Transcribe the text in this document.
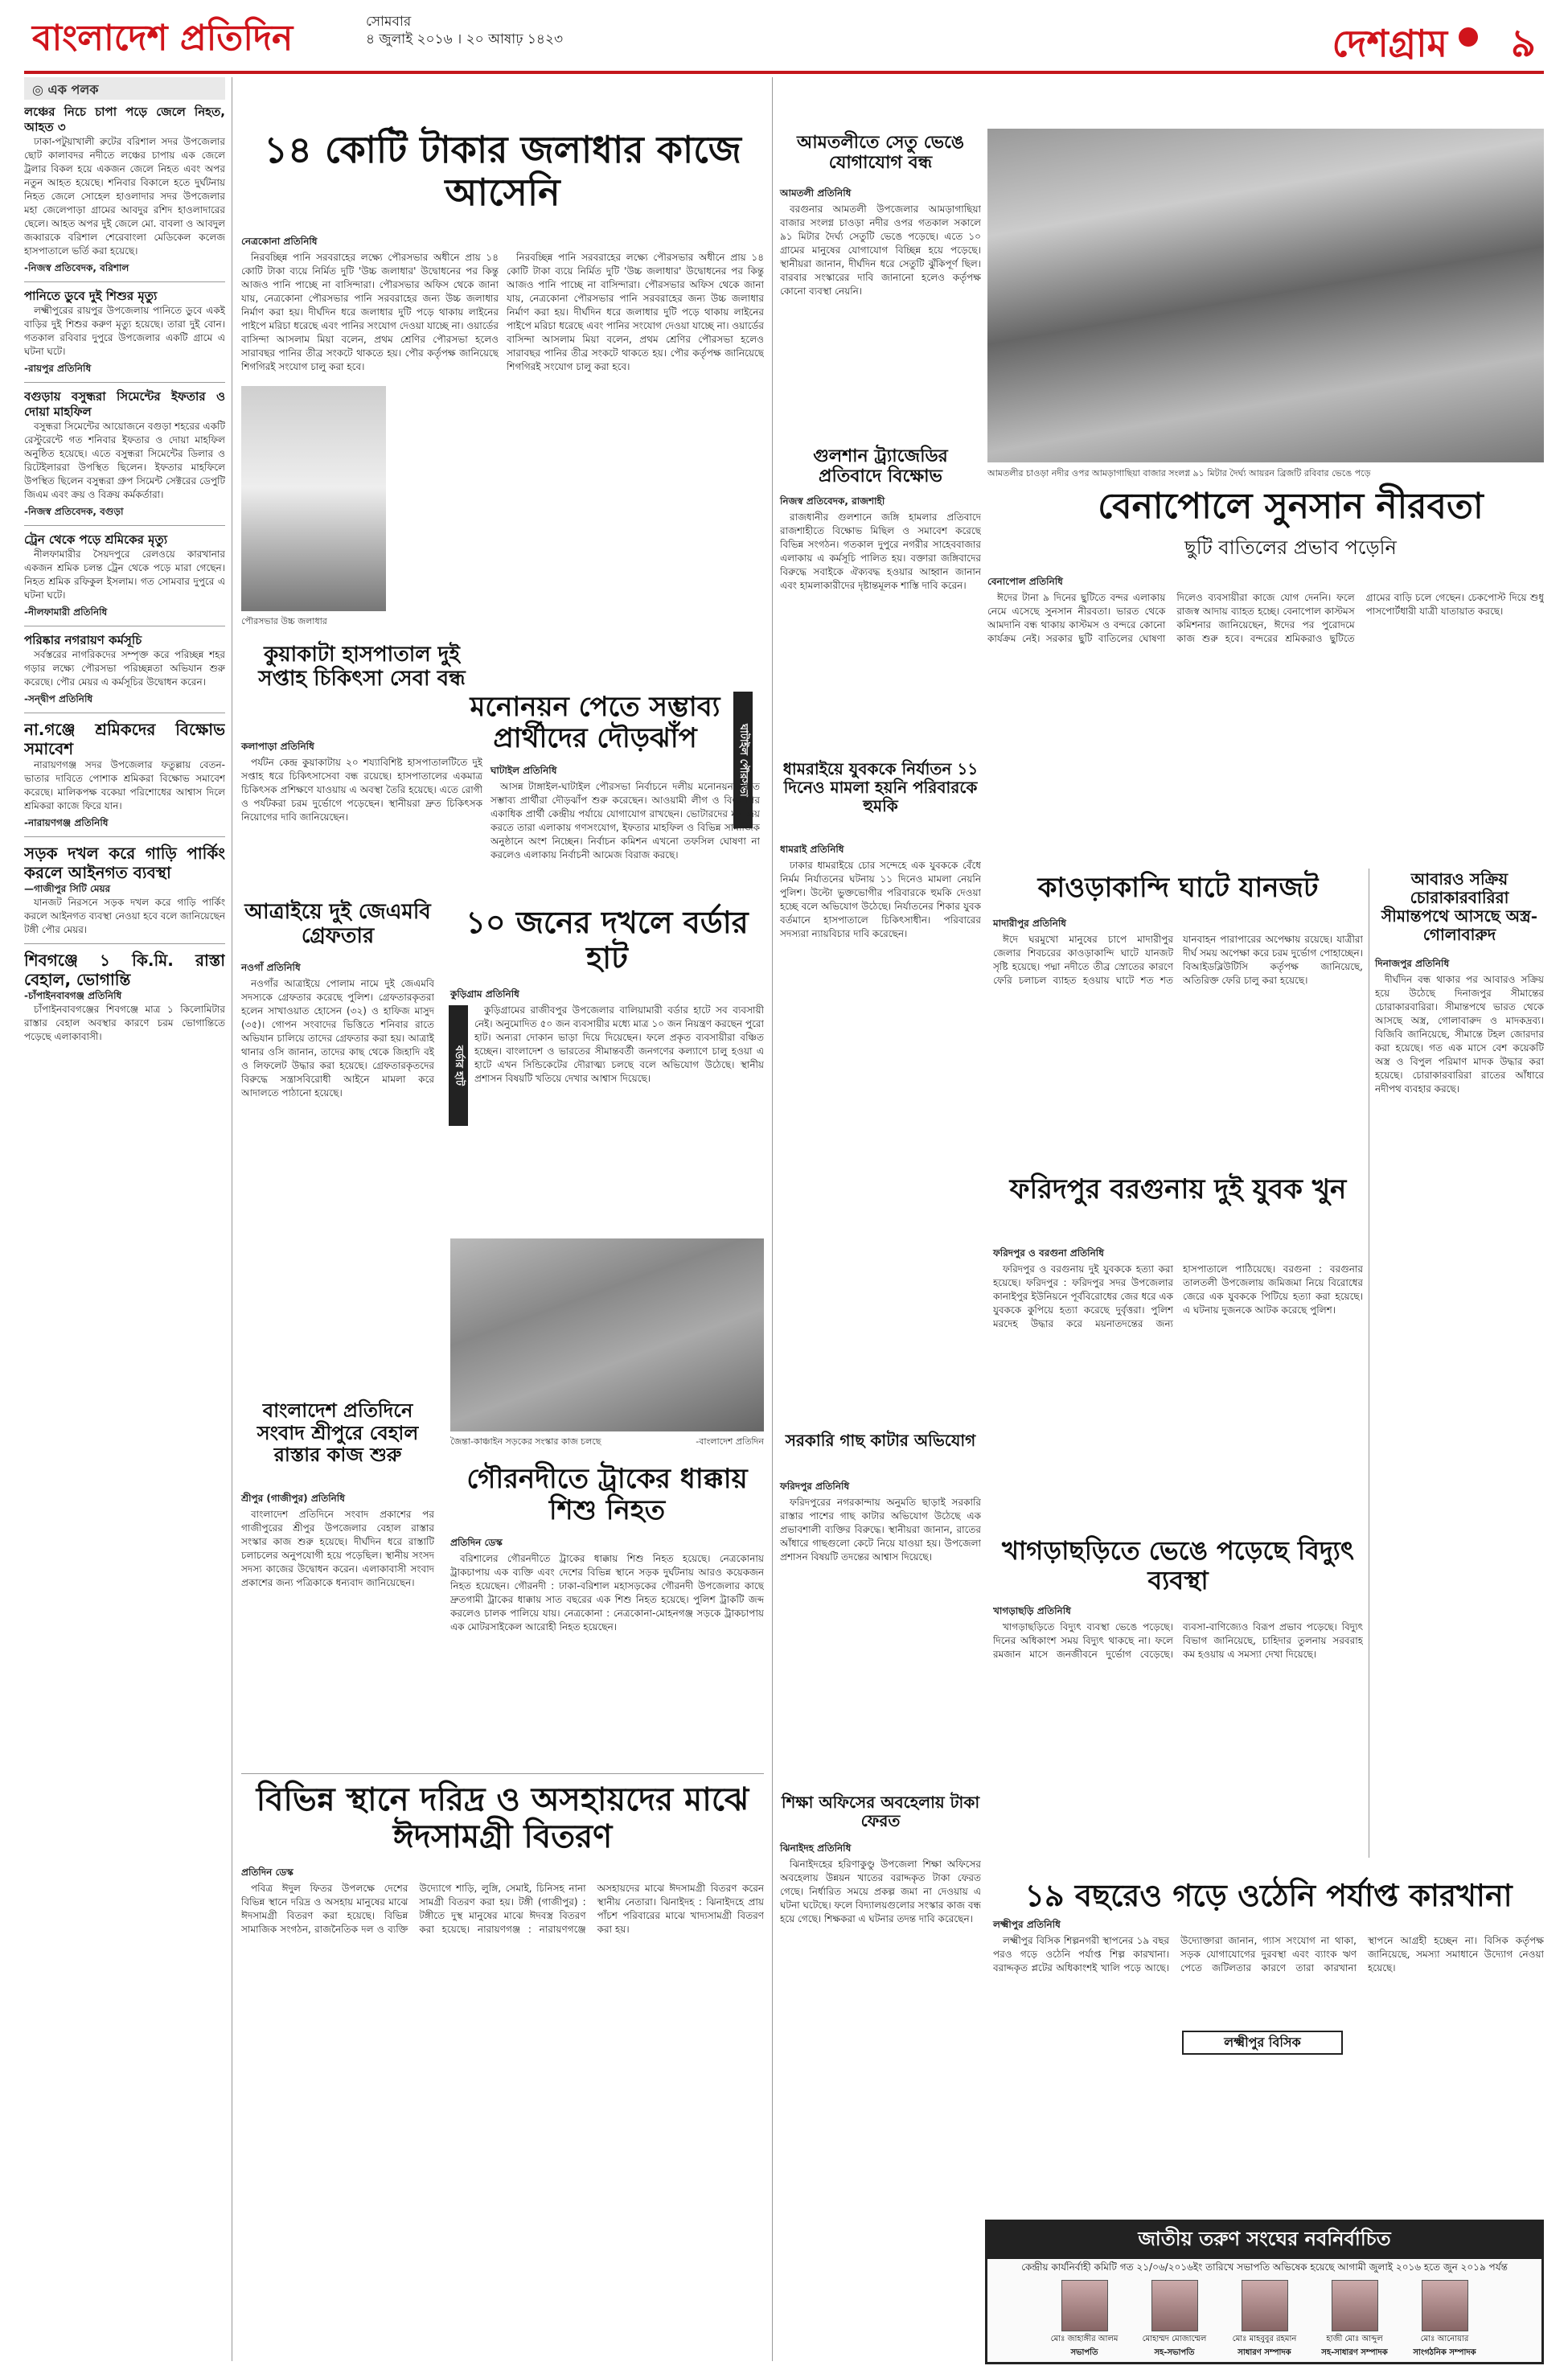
বাংলাদেশ প্রতিদিন	সোমবার
৪ জুলাই ২০১৬ । ২০ আষাঢ় ১৪২৩	দেশগ্রাম ৯
◎ এক পলক
লঞ্চের নিচে চাপা পড়ে জেলে নিহত, আহত ৩

ঢাকা-পটুয়াখালী রুটের বরিশাল সদর উপজেলার ছোট কালাবদর নদীতে লঞ্চের চাপায় এক জেলে ট্রলার বিকল হয়ে একজন জেলে নিহত এবং অপর নতুন আহত হয়েছে। শনিবার বিকালে হতে দুর্ঘটনায় নিহত জেলে সোহেল হাওলাদার সদর উপজেলার মহা জেলেপাড়া গ্রামের আবদুর রশিদ হাওলাদারের ছেলে। আহত অপর দুই জেলে মো. বাবলা ও আবদুল জব্বারকে বরিশাল শেরেবাংলা মেডিকেল কলেজ হাসপাতালে ভর্তি করা হয়েছে।

-নিজস্ব প্রতিবেদক, বরিশাল
পানিতে ডুবে দুই শিশুর মৃত্যু

লক্ষ্মীপুরের রায়পুর উপজেলায় পানিতে ডুবে একই বাড়ির দুই শিশুর করুণ মৃত্যু হয়েছে। তারা দুই বোন। গতকাল রবিবার দুপুরে উপজেলার একটি গ্রামে এ ঘটনা ঘটে।

-রায়পুর প্রতিনিধি
বগুড়ায় বসুন্ধরা সিমেন্টের ইফতার ও দোয়া মাহফিল

বসুন্ধরা সিমেন্টের আয়োজনে বগুড়া শহরের একটি রেস্টুরেন্টে গত শনিবার ইফতার ও দোয়া মাহফিল অনুষ্ঠিত হয়েছে। এতে বসুন্ধরা সিমেন্টের ডিলার ও রিটেইলাররা উপস্থিত ছিলেন। ইফতার মাহফিলে উপস্থিত ছিলেন বসুন্ধরা গ্রুপ সিমেন্ট সেক্টরের ডেপুটি জিএম এবং ক্রয় ও বিক্রয় কর্মকর্তারা।

-নিজস্ব প্রতিবেদক, বগুড়া
ট্রেন থেকে পড়ে শ্রমিকের মৃত্যু

নীলফামারীর সৈয়দপুরে রেলওয়ে কারখানার একজন শ্রমিক চলন্ত ট্রেন থেকে পড়ে মারা গেছেন। নিহত শ্রমিক রফিকুল ইসলাম। গত সোমবার দুপুরে এ ঘটনা ঘটে।

-নীলফামারী প্রতিনিধি
পরিষ্কার নগরায়ণ কর্মসূচি

সর্বস্তরের নাগরিকদের সম্পৃক্ত করে পরিচ্ছন্ন শহর গড়ার লক্ষ্যে পৌরসভা পরিচ্ছন্নতা অভিযান শুরু করেছে। পৌর মেয়র এ কর্মসূচির উদ্বোধন করেন।

-সন্দ্বীপ প্রতিনিধি
না.গঞ্জে শ্রমিকদের বিক্ষোভ সমাবেশ

নারায়ণগঞ্জ সদর উপজেলার ফতুল্লায় বেতন-ভাতার দাবিতে পোশাক শ্রমিকরা বিক্ষোভ সমাবেশ করেছে। মালিকপক্ষ বকেয়া পরিশোধের আশ্বাস দিলে শ্রমিকরা কাজে ফিরে যান।

-নারায়ণগঞ্জ প্রতিনিধি
সড়ক দখল করে গাড়ি পার্কিং করলে আইনগত ব্যবস্থা
—গাজীপুর সিটি মেয়র

যানজট নিরসনে সড়ক দখল করে গাড়ি পার্কিং করলে আইনগত ব্যবস্থা নেওয়া হবে বলে জানিয়েছেন টঙ্গী পৌর মেয়র।

শিবগঞ্জে ১ কি.মি. রাস্তা বেহাল, ভোগান্তি
-চাঁপাইনবাবগঞ্জ প্রতিনিধি

চাঁপাইনবাবগঞ্জের শিবগঞ্জে মাত্র ১ কিলোমিটার রাস্তার বেহাল অবস্থার কারণে চরম ভোগান্তিতে পড়েছে এলাকাবাসী।

১৪ কোটি টাকার জলাধার কাজে আসেনি
নেত্রকোনা প্রতিনিধি

নিরবচ্ছিন্ন পানি সরবরাহের লক্ষ্যে পৌরসভার অধীনে প্রায় ১৪ কোটি টাকা ব্যয়ে নির্মিত দুটি 'উচ্চ জলাধার' উদ্বোধনের পর কিন্তু আজও পানি পাচ্ছে না বাসিন্দারা। পৌরসভার অফিস থেকে জানা যায়, নেত্রকোনা পৌরসভার পানি সরবরাহের জন্য উচ্চ জলাধার নির্মাণ করা হয়। দীর্ঘদিন ধরে জলাধার দুটি পড়ে থাকায় লাইনের পাইপে মরিচা ধরেছে এবং পানির সংযোগ দেওয়া যাচ্ছে না। ওয়ার্ডের বাসিন্দা আসলাম মিয়া বলেন, প্রথম শ্রেণির পৌরসভা হলেও সারাবছর পানির তীব্র সংকটে থাকতে হয়। পৌর কর্তৃপক্ষ জানিয়েছে শিগগিরই সংযোগ চালু করা হবে।

পৌরসভার উচ্চ জলাধার

নিরবচ্ছিন্ন পানি সরবরাহের লক্ষ্যে পৌরসভার অধীনে প্রায় ১৪ কোটি টাকা ব্যয়ে নির্মিত দুটি 'উচ্চ জলাধার' উদ্বোধনের পর কিন্তু আজও পানি পাচ্ছে না বাসিন্দারা। পৌরসভার অফিস থেকে জানা যায়, নেত্রকোনা পৌরসভার পানি সরবরাহের জন্য উচ্চ জলাধার নির্মাণ করা হয়। দীর্ঘদিন ধরে জলাধার দুটি পড়ে থাকায় লাইনের পাইপে মরিচা ধরেছে এবং পানির সংযোগ দেওয়া যাচ্ছে না। ওয়ার্ডের বাসিন্দা আসলাম মিয়া বলেন, প্রথম শ্রেণির পৌরসভা হলেও সারাবছর পানির তীব্র সংকটে থাকতে হয়। পৌর কর্তৃপক্ষ জানিয়েছে শিগগিরই সংযোগ চালু করা হবে।

কুয়াকাটা হাসপাতাল দুই সপ্তাহ চিকিৎসা সেবা বন্ধ
কলাপাড়া প্রতিনিধি

পর্যটন কেন্দ্র কুয়াকাটায় ২০ শয্যাবিশিষ্ট হাসপাতালটিতে দুই সপ্তাহ ধরে চিকিৎসাসেবা বন্ধ রয়েছে। হাসপাতালের একমাত্র চিকিৎসক প্রশিক্ষণে যাওয়ায় এ অবস্থা তৈরি হয়েছে। এতে রোগী ও পর্যটকরা চরম দুর্ভোগে পড়েছেন। স্থানীয়রা দ্রুত চিকিৎসক নিয়োগের দাবি জানিয়েছেন।

মনোনয়ন পেতে সম্ভাব্য প্রার্থীদের দৌড়ঝাঁপ	ঘাটাইল পৌরসভা
ঘাটাইল প্রতিনিধি

আসন্ন টাঙ্গাইল-ঘাটাইল পৌরসভা নির্বাচনে দলীয় মনোনয়ন পেতে সম্ভাব্য প্রার্থীরা দৌড়ঝাঁপ শুরু করেছেন। আওয়ামী লীগ ও বিএনপির একাধিক প্রার্থী কেন্দ্রীয় পর্যায়ে যোগাযোগ রাখছেন। ভোটারদের মন জয় করতে তারা এলাকায় গণসংযোগ, ইফতার মাহফিল ও বিভিন্ন সামাজিক অনুষ্ঠানে অংশ নিচ্ছেন। নির্বাচন কমিশন এখনো তফসিল ঘোষণা না করলেও এলাকায় নির্বাচনী আমেজ বিরাজ করছে।

আত্রাইয়ে দুই জেএমবি গ্রেফতার
নওগাঁ প্রতিনিধি

নওগাঁর আত্রাইয়ে পোলাম নামে দুই জেএমবি সদস্যকে গ্রেফতার করেছে পুলিশ। গ্রেফতারকৃতরা হলেন সাখাওয়াত হোসেন (৩২) ও হাফিজ মাসুদ (৩৫)। গোপন সংবাদের ভিত্তিতে শনিবার রাতে অভিযান চালিয়ে তাদের গ্রেফতার করা হয়। আত্রাই থানার ওসি জানান, তাদের কাছ থেকে জিহাদি বই ও লিফলেট উদ্ধার করা হয়েছে। গ্রেফতারকৃতদের বিরুদ্ধে সন্ত্রাসবিরোধী আইনে মামলা করে আদালতে পাঠানো হয়েছে।

১০ জনের দখলে বর্ডার হাট
কুড়িগ্রাম প্রতিনিধি
বর্ডার হাট

কুড়িগ্রামের রাজীবপুর উপজেলার বালিয়ামারী বর্ডার হাটে সব ব্যবসায়ী নেই। অনুমোদিত ৫০ জন ব্যবসায়ীর মধ্যে মাত্র ১০ জন নিয়ন্ত্রণ করছেন পুরো হাট। অন্যরা দোকান ভাড়া দিয়ে দিয়েছেন। ফলে প্রকৃত ব্যবসায়ীরা বঞ্চিত হচ্ছেন। বাংলাদেশ ও ভারতের সীমান্তবর্তী জনগণের কল্যাণে চালু হওয়া এ হাটে এখন সিন্ডিকেটের দৌরাত্ম্য চলছে বলে অভিযোগ উঠেছে। স্থানীয় প্রশাসন বিষয়টি খতিয়ে দেখার আশ্বাস দিয়েছে।

জৈন্তা-কাঞ্চাইন সড়কের সংস্কার কাজ চলছে	-বাংলাদেশ প্রতিদিন
বাংলাদেশ প্রতিদিনে সংবাদ শ্রীপুরে বেহাল রাস্তার কাজ শুরু
শ্রীপুর (গাজীপুর) প্রতিনিধি

বাংলাদেশ প্রতিদিনে সংবাদ প্রকাশের পর গাজীপুরের শ্রীপুর উপজেলার বেহাল রাস্তার সংস্কার কাজ শুরু হয়েছে। দীর্ঘদিন ধরে রাস্তাটি চলাচলের অনুপযোগী হয়ে পড়েছিল। স্থানীয় সংসদ সদস্য কাজের উদ্বোধন করেন। এলাকাবাসী সংবাদ প্রকাশের জন্য পত্রিকাকে ধন্যবাদ জানিয়েছেন।

গৌরনদীতে ট্রাকের ধাক্কায় শিশু নিহত
প্রতিদিন ডেস্ক

বরিশালের গৌরনদীতে ট্রাকের ধাক্কায় শিশু নিহত হয়েছে। নেত্রকোনায় ট্রাকচাপায় এক ব্যক্তি এবং দেশের বিভিন্ন স্থানে সড়ক দুর্ঘটনায় আরও কয়েকজন নিহত হয়েছেন। গৌরনদী : ঢাকা-বরিশাল মহাসড়কের গৌরনদী উপজেলার কাছে দ্রুতগামী ট্রাকের ধাক্কায় সাত বছরের এক শিশু নিহত হয়েছে। পুলিশ ট্রাকটি জব্দ করলেও চালক পালিয়ে যায়। নেত্রকোনা : নেত্রকোনা-মোহনগঞ্জ সড়কে ট্রাকচাপায় এক মোটরসাইকেল আরোহী নিহত হয়েছেন।

বিভিন্ন স্থানে দরিদ্র ও অসহায়দের মাঝে ঈদসামগ্রী বিতরণ
প্রতিদিন ডেস্ক

পবিত্র ঈদুল ফিতর উপলক্ষে দেশের বিভিন্ন স্থানে দরিদ্র ও অসহায় মানুষের মাঝে ঈদসামগ্রী বিতরণ করা হয়েছে। বিভিন্ন সামাজিক সংগঠন, রাজনৈতিক দল ও ব্যক্তি উদ্যোগে শাড়ি, লুঙ্গি, সেমাই, চিনিসহ নানা সামগ্রী বিতরণ করা হয়। টঙ্গী (গাজীপুর) : টঙ্গীতে দুস্থ মানুষের মাঝে ঈদবস্ত্র বিতরণ করা হয়েছে। নারায়ণগঞ্জ : নারায়ণগঞ্জে অসহায়দের মাঝে ঈদসামগ্রী বিতরণ করেন স্থানীয় নেতারা। ঝিনাইদহ : ঝিনাইদহে প্রায় পাঁচশ পরিবারের মাঝে খাদ্যসামগ্রী বিতরণ করা হয়।

আমতলীতে সেতু ভেঙে যোগাযোগ বন্ধ
আমতলী প্রতিনিধি

বরগুনার আমতলী উপজেলার আমড়াগাছিয়া বাজার সংলগ্ন চাওড়া নদীর ওপর গতকাল সকালে ৯১ মিটার দৈর্ঘ্য সেতুটি ভেঙে পড়েছে। এতে ১০ গ্রামের মানুষের যোগাযোগ বিচ্ছিন্ন হয়ে পড়েছে। স্থানীয়রা জানান, দীর্ঘদিন ধরে সেতুটি ঝুঁকিপূর্ণ ছিল। বারবার সংস্কারের দাবি জানানো হলেও কর্তৃপক্ষ কোনো ব্যবস্থা নেয়নি।

আমতলীর চাওড়া নদীর ওপর আমড়াগাছিয়া বাজার সংলগ্ন ৯১ মিটার দৈর্ঘ্য আয়রন ব্রিজটি রবিবার ভেঙে পড়ে
গুলশান ট্র্যাজেডির প্রতিবাদে বিক্ষোভ
নিজস্ব প্রতিবেদক, রাজশাহী

রাজধানীর গুলশানে জঙ্গি হামলার প্রতিবাদে রাজশাহীতে বিক্ষোভ মিছিল ও সমাবেশ করেছে বিভিন্ন সংগঠন। গতকাল দুপুরে নগরীর সাহেববাজার এলাকায় এ কর্মসূচি পালিত হয়। বক্তারা জঙ্গিবাদের বিরুদ্ধে সবাইকে ঐক্যবদ্ধ হওয়ার আহ্বান জানান এবং হামলাকারীদের দৃষ্টান্তমূলক শাস্তি দাবি করেন।

বেনাপোলে সুনসান নীরবতা
ছুটি বাতিলের প্রভাব পড়েনি
বেনাপোল প্রতিনিধি

ঈদের টানা ৯ দিনের ছুটিতে বন্দর এলাকায় নেমে এসেছে সুনসান নীরবতা। ভারত থেকে আমদানি বন্ধ থাকায় কাস্টমস ও বন্দরে কোনো কার্যক্রম নেই। সরকার ছুটি বাতিলের ঘোষণা দিলেও ব্যবসায়ীরা কাজে যোগ দেননি। ফলে রাজস্ব আদায় ব্যাহত হচ্ছে। বেনাপোল কাস্টমস কমিশনার জানিয়েছেন, ঈদের পর পুরোদমে কাজ শুরু হবে। বন্দরের শ্রমিকরাও ছুটিতে গ্রামের বাড়ি চলে গেছেন। চেকপোস্ট দিয়ে শুধু পাসপোর্টধারী যাত্রী যাতায়াত করছে।

ধামরাইয়ে যুবককে নির্যাতন ১১ দিনেও মামলা হয়নি পরিবারকে হুমকি
ধামরাই প্রতিনিধি

ঢাকার ধামরাইয়ে চোর সন্দেহে এক যুবককে বেঁধে নির্মম নির্যাতনের ঘটনায় ১১ দিনেও মামলা নেয়নি পুলিশ। উল্টো ভুক্তভোগীর পরিবারকে হুমকি দেওয়া হচ্ছে বলে অভিযোগ উঠেছে। নির্যাতনের শিকার যুবক বর্তমানে হাসপাতালে চিকিৎসাধীন। পরিবারের সদস্যরা ন্যায়বিচার দাবি করেছেন।

কাওড়াকান্দি ঘাটে যানজট
মাদারীপুর প্রতিনিধি

ঈদে ঘরমুখো মানুষের চাপে মাদারীপুর জেলার শিবচরের কাওড়াকান্দি ঘাটে যানজট সৃষ্টি হয়েছে। পদ্মা নদীতে তীব্র স্রোতের কারণে ফেরি চলাচল ব্যাহত হওয়ায় ঘাটে শত শত যানবাহন পারাপারের অপেক্ষায় রয়েছে। যাত্রীরা দীর্ঘ সময় অপেক্ষা করে চরম দুর্ভোগ পোহাচ্ছেন। বিআইডব্লিউটিসি কর্তৃপক্ষ জানিয়েছে, অতিরিক্ত ফেরি চালু করা হয়েছে।

আবারও সক্রিয় চোরাকারবারিরা সীমান্তপথে আসছে অস্ত্র-গোলাবারুদ
দিনাজপুর প্রতিনিধি

দীর্ঘদিন বন্ধ থাকার পর আবারও সক্রিয় হয়ে উঠেছে দিনাজপুর সীমান্তের চোরাকারবারিরা। সীমান্তপথে ভারত থেকে আসছে অস্ত্র, গোলাবারুদ ও মাদকদ্রব্য। বিজিবি জানিয়েছে, সীমান্তে টহল জোরদার করা হয়েছে। গত এক মাসে বেশ কয়েকটি অস্ত্র ও বিপুল পরিমাণ মাদক উদ্ধার করা হয়েছে। চোরাকারবারিরা রাতের আঁধারে নদীপথ ব্যবহার করছে।

ফরিদপুর বরগুনায় দুই যুবক খুন
ফরিদপুর ও বরগুনা প্রতিনিধি

ফরিদপুর ও বরগুনায় দুই যুবককে হত্যা করা হয়েছে। ফরিদপুর : ফরিদপুর সদর উপজেলার কানাইপুর ইউনিয়নে পূর্ববিরোধের জের ধরে এক যুবককে কুপিয়ে হত্যা করেছে দুর্বৃত্তরা। পুলিশ মরদেহ উদ্ধার করে ময়নাতদন্তের জন্য হাসপাতালে পাঠিয়েছে। বরগুনা : বরগুনার তালতলী উপজেলায় জমিজমা নিয়ে বিরোধের জেরে এক যুবককে পিটিয়ে হত্যা করা হয়েছে। এ ঘটনায় দুজনকে আটক করেছে পুলিশ।

খাগড়াছড়িতে ভেঙে পড়েছে বিদ্যুৎ ব্যবস্থা
খাগড়াছড়ি প্রতিনিধি

খাগড়াছড়িতে বিদ্যুৎ ব্যবস্থা ভেঙে পড়েছে। দিনের অধিকাংশ সময় বিদ্যুৎ থাকছে না। ফলে রমজান মাসে জনজীবনে দুর্ভোগ বেড়েছে। ব্যবসা-বাণিজ্যেও বিরূপ প্রভাব পড়েছে। বিদ্যুৎ বিভাগ জানিয়েছে, চাহিদার তুলনায় সরবরাহ কম হওয়ায় এ সমস্যা দেখা দিয়েছে।

সরকারি গাছ কাটার অভিযোগ
ফরিদপুর প্রতিনিধি

ফরিদপুরের নগরকান্দায় অনুমতি ছাড়াই সরকারি রাস্তার পাশের গাছ কাটার অভিযোগ উঠেছে এক প্রভাবশালী ব্যক্তির বিরুদ্ধে। স্থানীয়রা জানান, রাতের আঁধারে গাছগুলো কেটে নিয়ে যাওয়া হয়। উপজেলা প্রশাসন বিষয়টি তদন্তের আশ্বাস দিয়েছে।

শিক্ষা অফিসের অবহেলায় টাকা ফেরত
ঝিনাইদহ প্রতিনিধি

ঝিনাইদহের হরিণাকুণ্ডু উপজেলা শিক্ষা অফিসের অবহেলায় উন্নয়ন খাতের বরাদ্দকৃত টাকা ফেরত গেছে। নির্ধারিত সময়ে প্রকল্প জমা না দেওয়ায় এ ঘটনা ঘটেছে। ফলে বিদ্যালয়গুলোর সংস্কার কাজ বন্ধ হয়ে গেছে। শিক্ষকরা এ ঘটনার তদন্ত দাবি করেছেন।

১৯ বছরেও গড়ে ওঠেনি পর্যাপ্ত কারখানা
লক্ষ্মীপুর প্রতিনিধি

লক্ষ্মীপুর বিসিক শিল্পনগরী স্থাপনের ১৯ বছর পরও গড়ে ওঠেনি পর্যাপ্ত শিল্প কারখানা। বরাদ্দকৃত প্লটের অধিকাংশই খালি পড়ে আছে। উদ্যোক্তারা জানান, গ্যাস সংযোগ না থাকা, সড়ক যোগাযোগের দুরবস্থা এবং ব্যাংক ঋণ পেতে জটিলতার কারণে তারা কারখানা স্থাপনে আগ্রহী হচ্ছেন না। বিসিক কর্তৃপক্ষ জানিয়েছে, সমস্যা সমাধানে উদ্যোগ নেওয়া হয়েছে।

লক্ষ্মীপুর বিসিক
জাতীয় তরুণ সংঘের নবনির্বাচিত
কেন্দ্রীয় কার্যনির্বাহী কমিটি গত ২১/০৬/২০১৬ইং তারিখে সভাপতি অভিষেক হয়েছে আগামী জুলাই ২০১৬ হতে জুন ২০১৯ পর্যন্ত
মোঃ জাহাঙ্গীর আলম
সভাপতি
মোহাম্মদ মোজাম্মেল
সহ-সভাপতি
মোঃ মাহবুবুর রহমান
সাধারণ সম্পাদক
হাজী মোঃ আব্দুল
সহ-সাধারণ সম্পাদক
মোঃ আনোয়ার
সাংগঠনিক সম্পাদক
